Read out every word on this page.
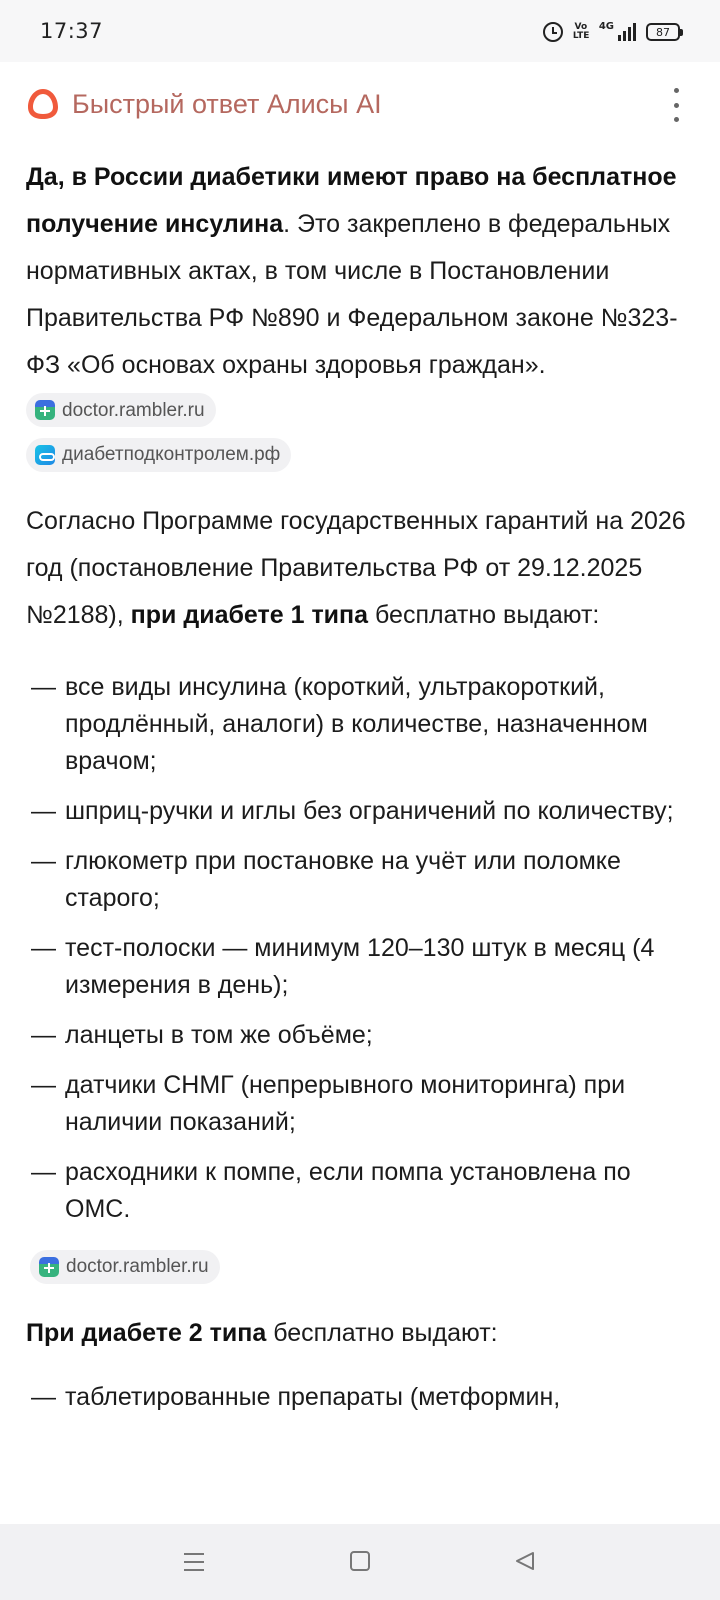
17:37	Vo LTE
4G	87
Быстрый ответ Алисы AI

Да, в России диабетики имеют право на бесплатное получение инсулина. Это закреплено в федеральных нормативных актах, в том числе в Постановлении Правительства РФ №890 и Федеральном законе №323-ФЗ «Об основах охраны здоровья граждан».
doctor.rambler.ru

диабетподконтролем.рф

Согласно Программе государственных гарантий на 2026 год (постановление Правительства РФ от 29.12.2025 №2188), при диабете 1 типа бесплатно выдают:

— все виды инсулина (короткий, ультракороткий, продлённый, аналоги) в количестве, назначенном врачом;
— шприц-ручки и иглы без ограничений по количеству;
— глюкометр при постановке на учёт или поломке старого;
— тест-полоски — минимум 120–130 штук в месяц (4 измерения в день);
— ланцеты в том же объёме;
— датчики СНМГ (непрерывного мониторинга) при наличии показаний;
— расходники к помпе, если помпа установлена по ОМС.
doctor.rambler.ru

При диабете 2 типа бесплатно выдают:

— таблетированные препараты (метформин,
